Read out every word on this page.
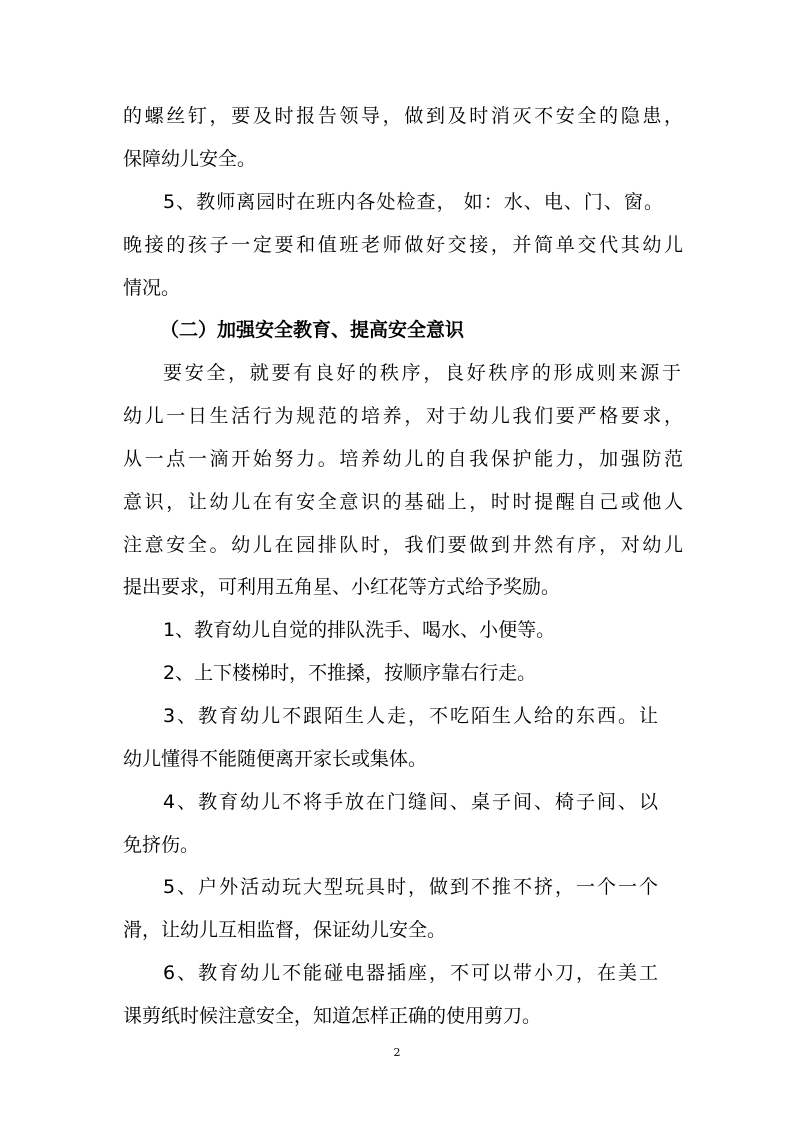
的螺丝钉，要及时报告领导，做到及时消灭不安全的隐患，
保障幼儿安全。
5、教师离园时在班内各处检查， 如：水、电、门、窗。
晚接的孩子一定要和值班老师做好交接，并简单交代其幼儿
情况。
（二）加强安全教育、提高安全意识
要安全，就要有良好的秩序，良好秩序的形成则来源于
幼儿一日生活行为规范的培养，对于幼儿我们要严格要求，
从一点一滴开始努力。培养幼儿的自我保护能力，加强防范
意识，让幼儿在有安全意识的基础上，时时提醒自己或他人
注意安全。幼儿在园排队时，我们要做到井然有序，对幼儿
提出要求，可利用五角星、小红花等方式给予奖励。
1、教育幼儿自觉的排队洗手、喝水、小便等。
2、上下楼梯时，不推搡，按顺序靠右行走。
3、教育幼儿不跟陌生人走，不吃陌生人给的东西。让
幼儿懂得不能随便离开家长或集体。
4、教育幼儿不将手放在门缝间、桌子间、椅子间、以
免挤伤。
5、户外活动玩大型玩具时，做到不推不挤，一个一个
滑，让幼儿互相监督，保证幼儿安全。
6、教育幼儿不能碰电器插座，不可以带小刀，在美工
课剪纸时候注意安全，知道怎样正确的使用剪刀。
2
